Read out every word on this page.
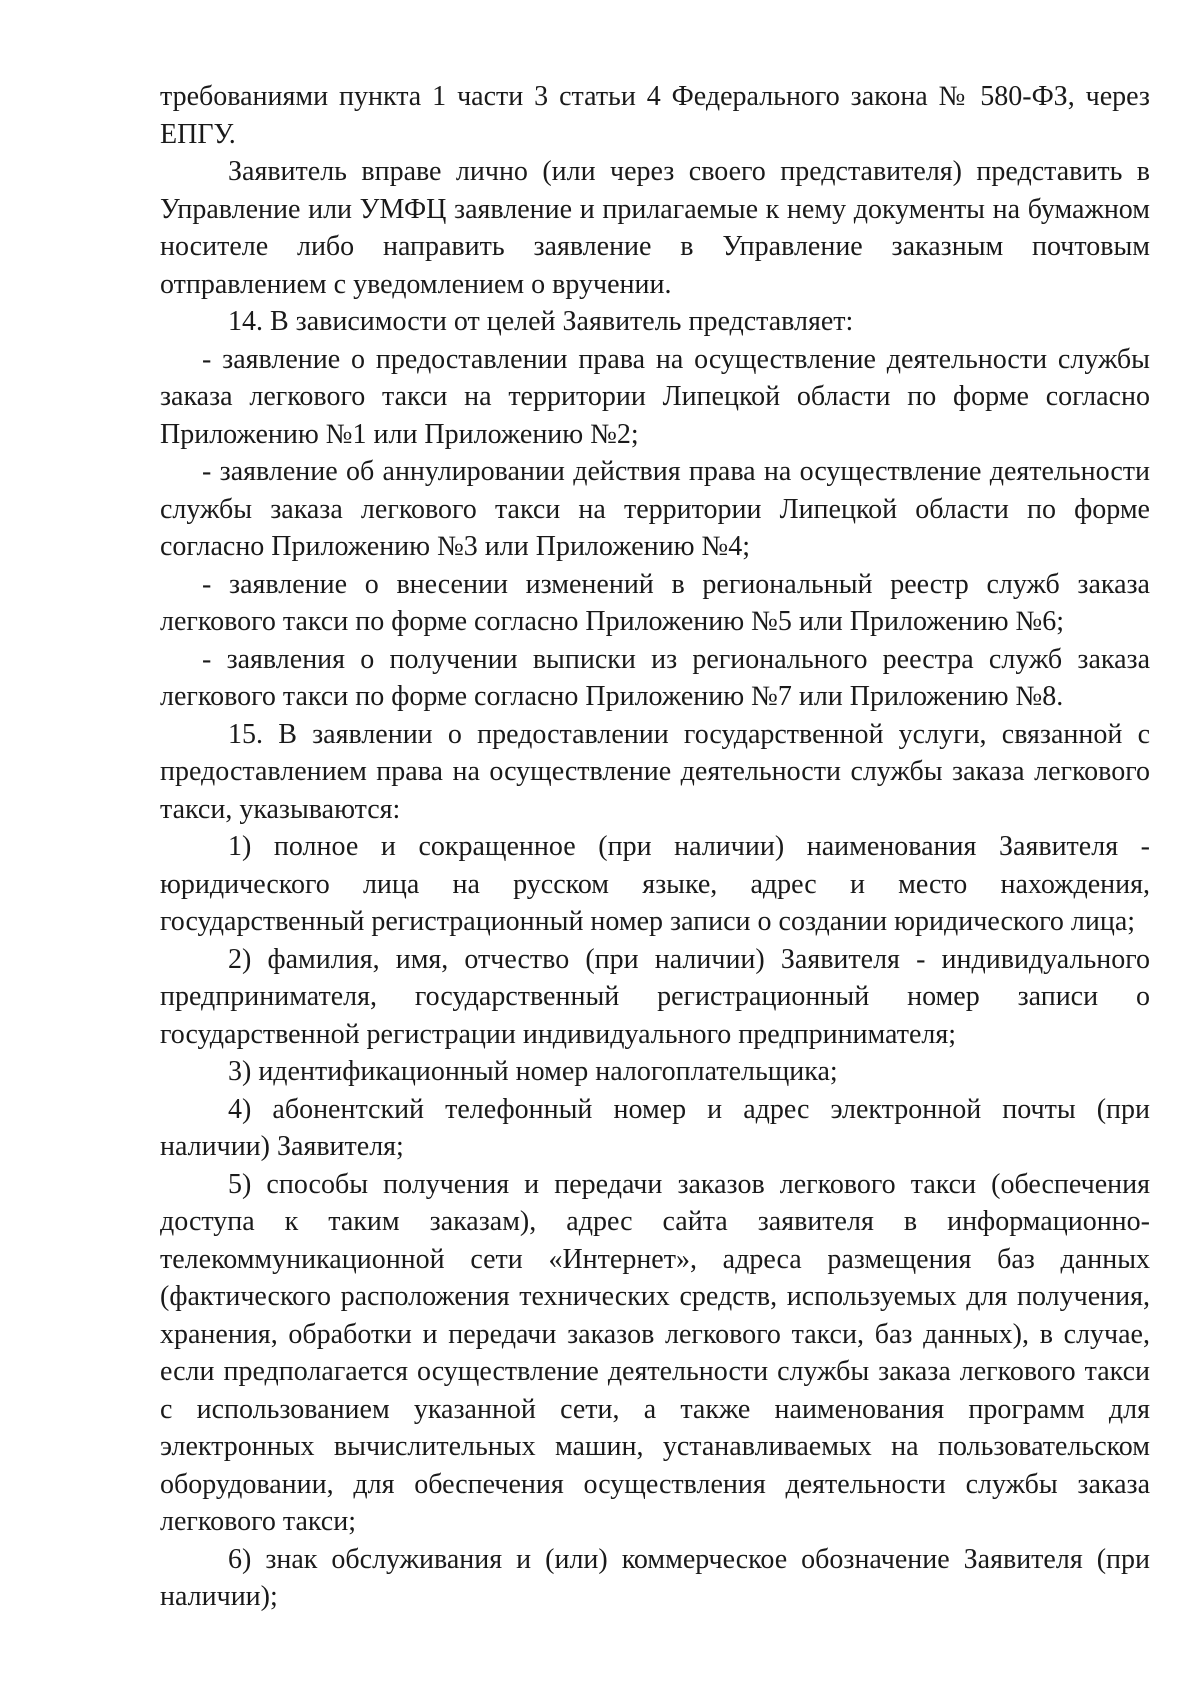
требованиями пункта 1 части 3 статьи 4 Федерального закона № 580-ФЗ, через ЕПГУ.

Заявитель вправе лично (или через своего представителя) представить в Управление или УМФЦ заявление и прилагаемые к нему документы на бумажном носителе либо направить заявление в Управление заказным почтовым отправлением с уведомлением о вручении.

14. В зависимости от целей Заявитель представляет:

- заявление о предоставлении права на осуществление деятельности службы заказа легкового такси на территории Липецкой области по форме согласно Приложению №1 или Приложению №2;

- заявление об аннулировании действия права на осуществление деятельности службы заказа легкового такси на территории Липецкой области по форме согласно Приложению №3 или Приложению №4;

- заявление о внесении изменений в региональный реестр служб заказа легкового такси по форме согласно Приложению №5 или Приложению №6;

- заявления о получении выписки из регионального реестра служб заказа легкового такси по форме согласно Приложению №7 или Приложению №8.

15. В заявлении о предоставлении государственной услуги, связанной с предоставлением права на осуществление деятельности службы заказа легкового такси, указываются:

1) полное и сокращенное (при наличии) наименования Заявителя - юридического лица на русском языке, адрес и место нахождения, государственный регистрационный номер записи о создании юридического лица;

2) фамилия, имя, отчество (при наличии) Заявителя - индивидуального предпринимателя, государственный регистрационный номер записи о государственной регистрации индивидуального предпринимателя;

3) идентификационный номер налогоплательщика;

4) абонентский телефонный номер и адрес электронной почты (при наличии) Заявителя;

5) способы получения и передачи заказов легкового такси (обеспечения доступа к таким заказам), адрес сайта заявителя в информационно-телекоммуникационной сети «Интернет», адреса размещения баз данных (фактического расположения технических средств, используемых для получения, хранения, обработки и передачи заказов легкового такси, баз данных), в случае, если предполагается осуществление деятельности службы заказа легкового такси с использованием указанной сети, а также наименования программ для электронных вычислительных машин, устанавливаемых на пользовательском оборудовании, для обеспечения осуществления деятельности службы заказа легкового такси;

6) знак обслуживания и (или) коммерческое обозначение Заявителя (при наличии);
